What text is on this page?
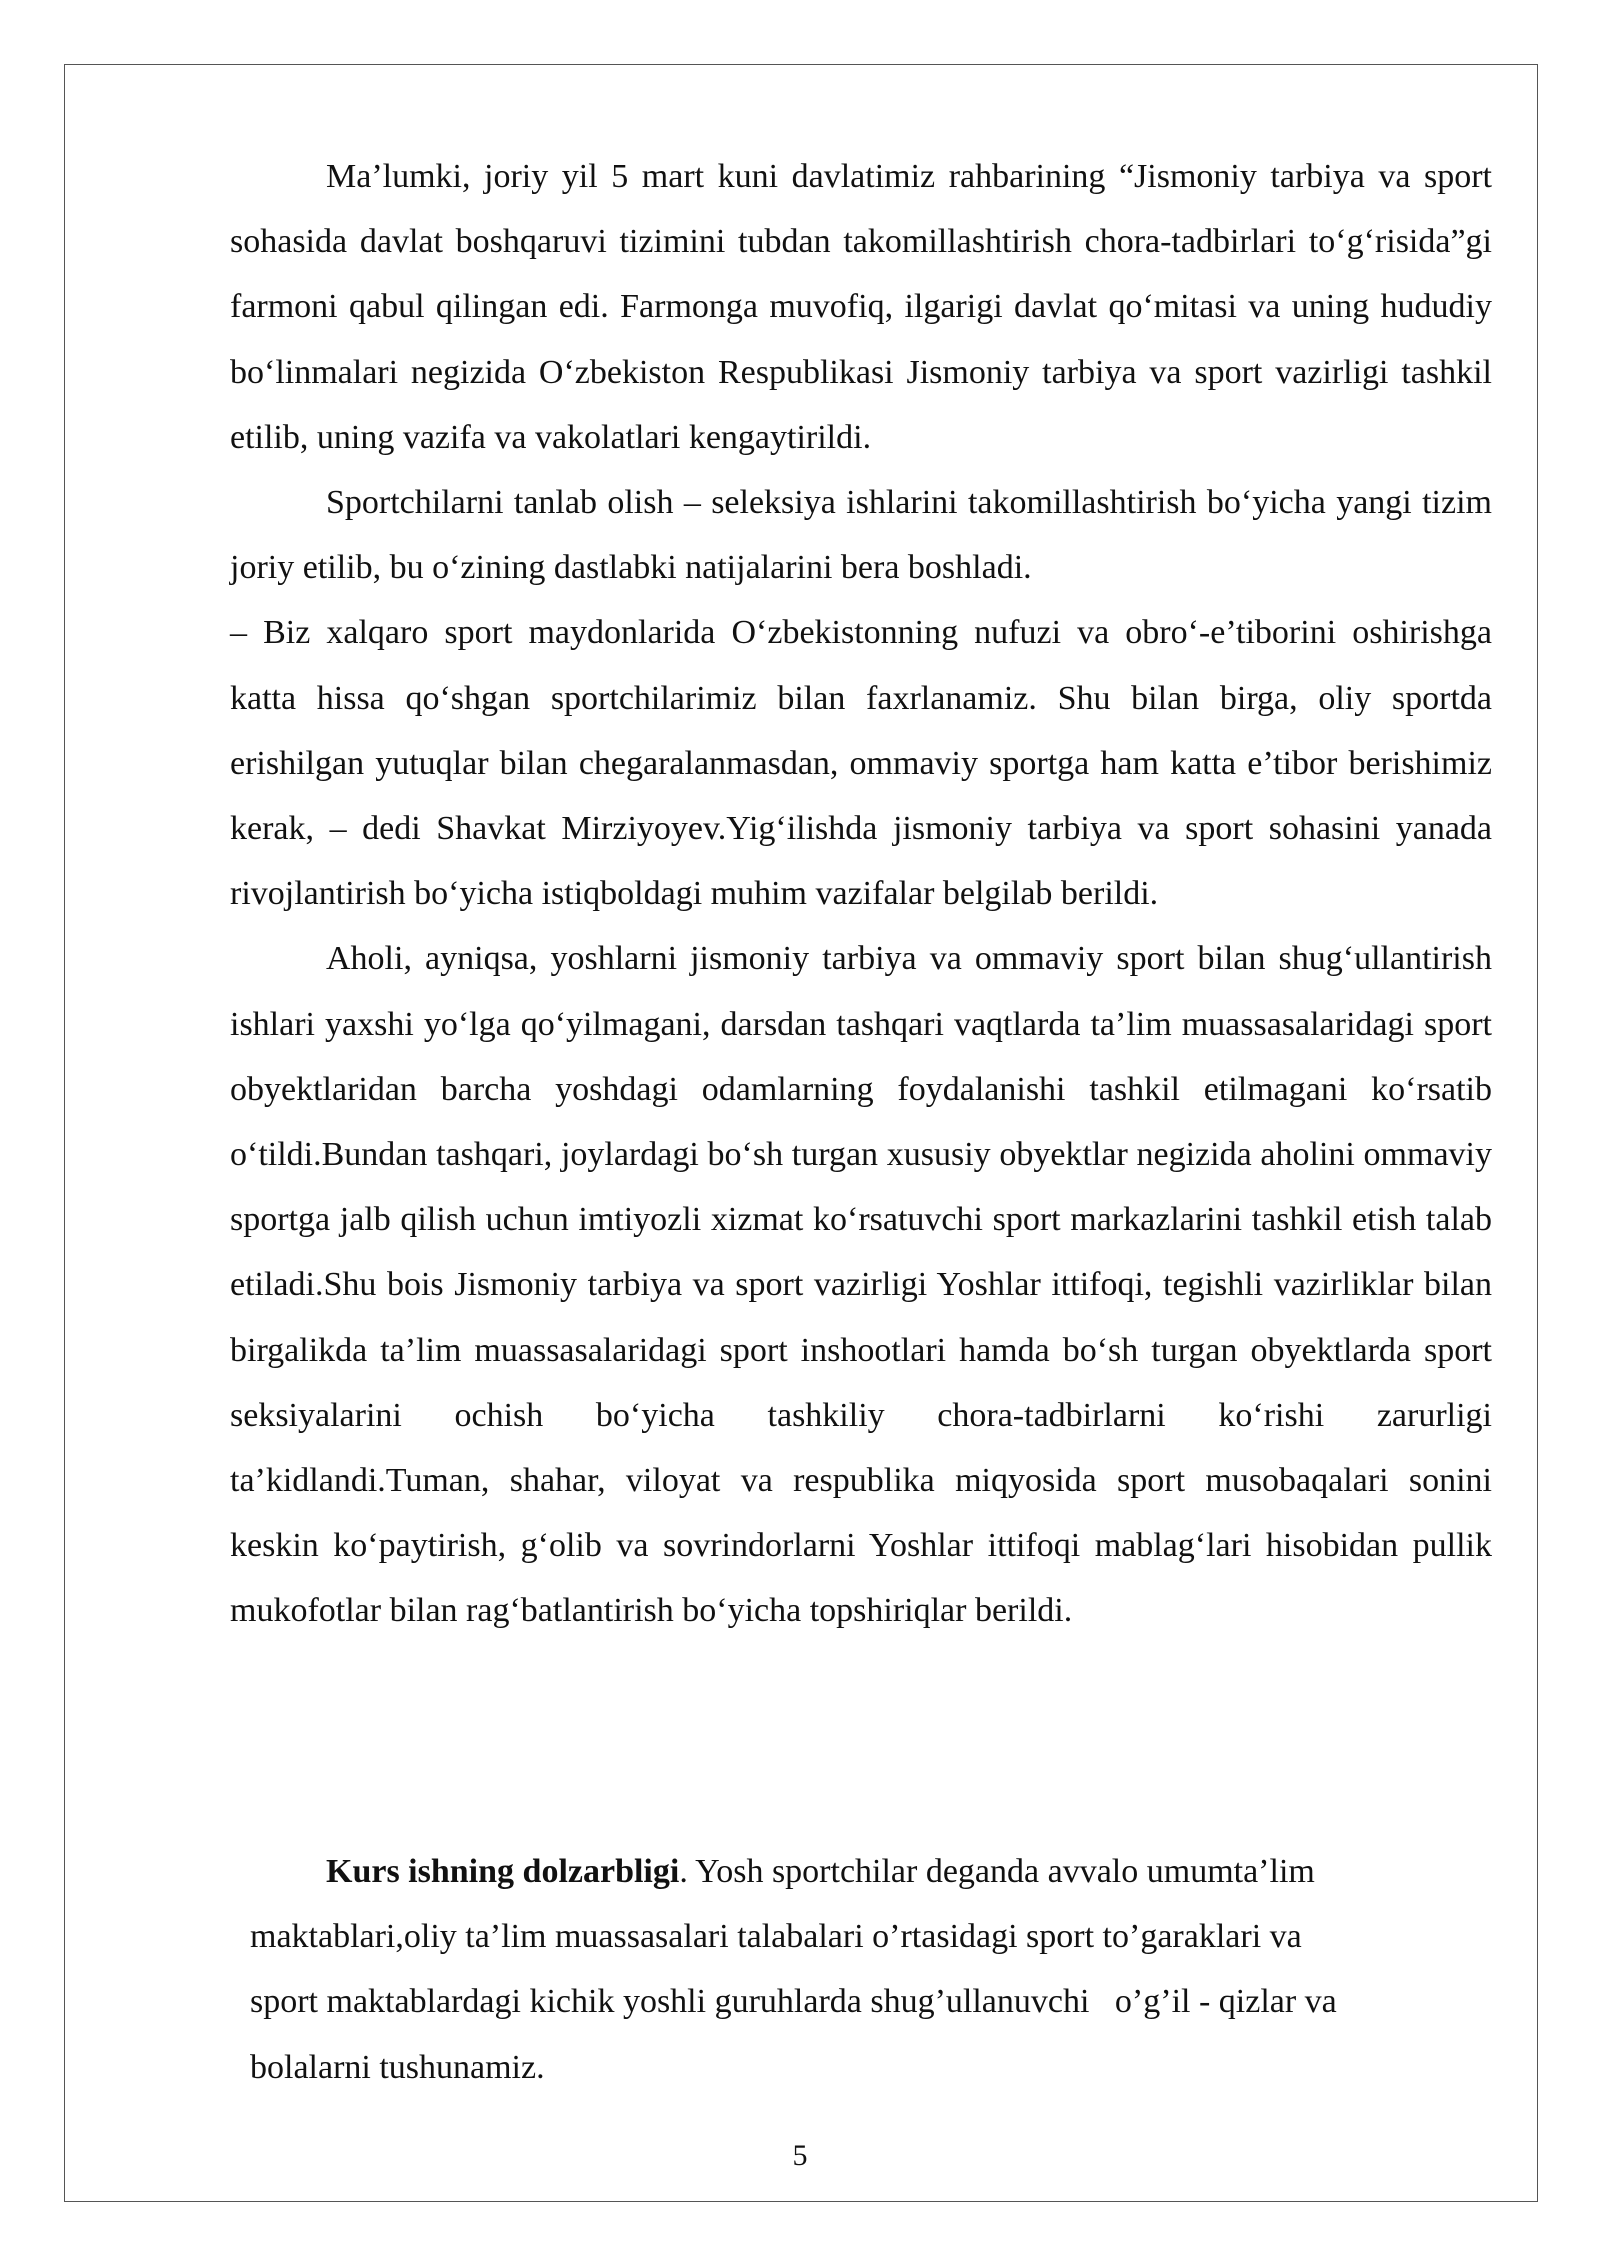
Ma’lumki, joriy yil 5 mart kuni davlatimiz rahbarining “Jismoniy tarbiya va sport sohasida davlat boshqaruvi tizimini tubdan takomillashtirish chora-tadbirlari to‘g‘risida”gi farmoni qabul qilingan edi. Farmonga muvofiq, ilgarigi davlat qo‘mitasi va uning hududiy bo‘linmalari negizida O‘zbekiston Respublikasi Jismoniy tarbiya va sport vazirligi tashkil etilib, uning vazifa va vakolatlari kengaytirildi.

Sportchilarni tanlab olish – seleksiya ishlarini takomillashtirish bo‘yicha yangi tizim joriy etilib, bu o‘zining dastlabki natijalarini bera boshladi.

– Biz xalqaro sport maydonlarida O‘zbekistonning nufuzi va obro‘-e’tiborini oshirishga katta hissa qo‘shgan sportchilarimiz bilan faxrlanamiz. Shu bilan birga, oliy sportda erishilgan yutuqlar bilan chegaralanmasdan, ommaviy sportga ham katta e’tibor berishimiz kerak, – dedi Shavkat Mirziyoyev.Yig‘ilishda jismoniy tarbiya va sport sohasini yanada rivojlantirish bo‘yicha istiqboldagi muhim vazifalar belgilab berildi.

Aholi, ayniqsa, yoshlarni jismoniy tarbiya va ommaviy sport bilan shug‘ullantirish ishlari yaxshi yo‘lga qo‘yilmagani, darsdan tashqari vaqtlarda ta’lim muassasalaridagi sport obyektlaridan barcha yoshdagi odamlarning foydalanishi tashkil etilmagani ko‘rsatib o‘tildi.Bundan tashqari, joylardagi bo‘sh turgan xususiy obyektlar negizida aholini ommaviy sportga jalb qilish uchun imtiyozli xizmat ko‘rsatuvchi sport markazlarini tashkil etish talab etiladi.Shu bois Jismoniy tarbiya va sport vazirligi Yoshlar ittifoqi, tegishli vazirliklar bilan birgalikda ta’lim muassasalaridagi sport inshootlari hamda bo‘sh turgan obyektlarda sport seksiyalarini ochish bo‘yicha tashkiliy chora-tadbirlarni ko‘rishi zarurligi ta’kidlandi.Tuman, shahar, viloyat va respublika miqyosida sport musobaqalari sonini keskin ko‘paytirish, g‘olib va sovrindorlarni Yoshlar ittifoqi mablag‘lari hisobidan pullik mukofotlar bilan rag‘batlantirish bo‘yicha topshiriqlar berildi.

Kurs ishning dolzarbligi. Yosh sportchilar deganda avvalo umumta’lim
maktablari,oliy ta’lim muassasalari talabalari o’rtasidagi sport to’garaklari va
sport maktablardagi kichik yoshli guruhlarda shug’ullanuvchi   o’g’il - qizlar va
bolalarni tushunamiz.
5
